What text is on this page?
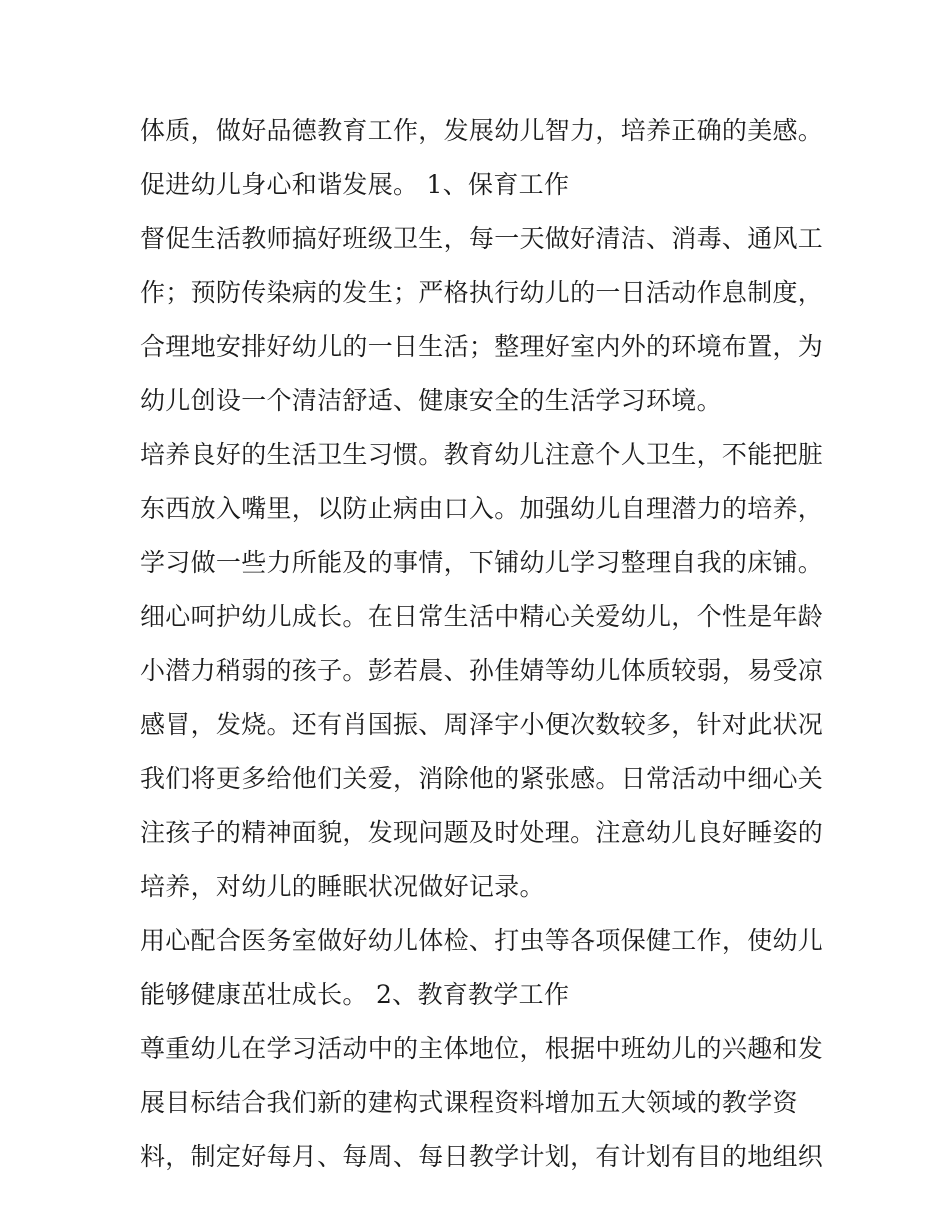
体质，做好品德教育工作，发展幼儿智力，培养正确的美感。
促进幼儿身心和谐发展。 1、保育工作
督促生活教师搞好班级卫生，每一天做好清洁、消毒、通风工
作；预防传染病的发生；严格执行幼儿的一日活动作息制度，
合理地安排好幼儿的一日生活；整理好室内外的环境布置，为
幼儿创设一个清洁舒适、健康安全的生活学习环境。
培养良好的生活卫生习惯。教育幼儿注意个人卫生，不能把脏
东西放入嘴里，以防止病由口入。加强幼儿自理潜力的培养，
学习做一些力所能及的事情，下铺幼儿学习整理自我的床铺。
细心呵护幼儿成长。在日常生活中精心关爱幼儿，个性是年龄
小潜力稍弱的孩子。彭若晨、孙佳婧等幼儿体质较弱，易受凉
感冒，发烧。还有肖国振、周泽宇小便次数较多，针对此状况
我们将更多给他们关爱，消除他的紧张感。日常活动中细心关
注孩子的精神面貌，发现问题及时处理。注意幼儿良好睡姿的
培养，对幼儿的睡眠状况做好记录。
用心配合医务室做好幼儿体检、打虫等各项保健工作，使幼儿
能够健康茁壮成长。 2、教育教学工作
尊重幼儿在学习活动中的主体地位，根据中班幼儿的兴趣和发
展目标结合我们新的建构式课程资料增加五大领域的教学资
料，制定好每月、每周、每日教学计划，有计划有目的地组织
